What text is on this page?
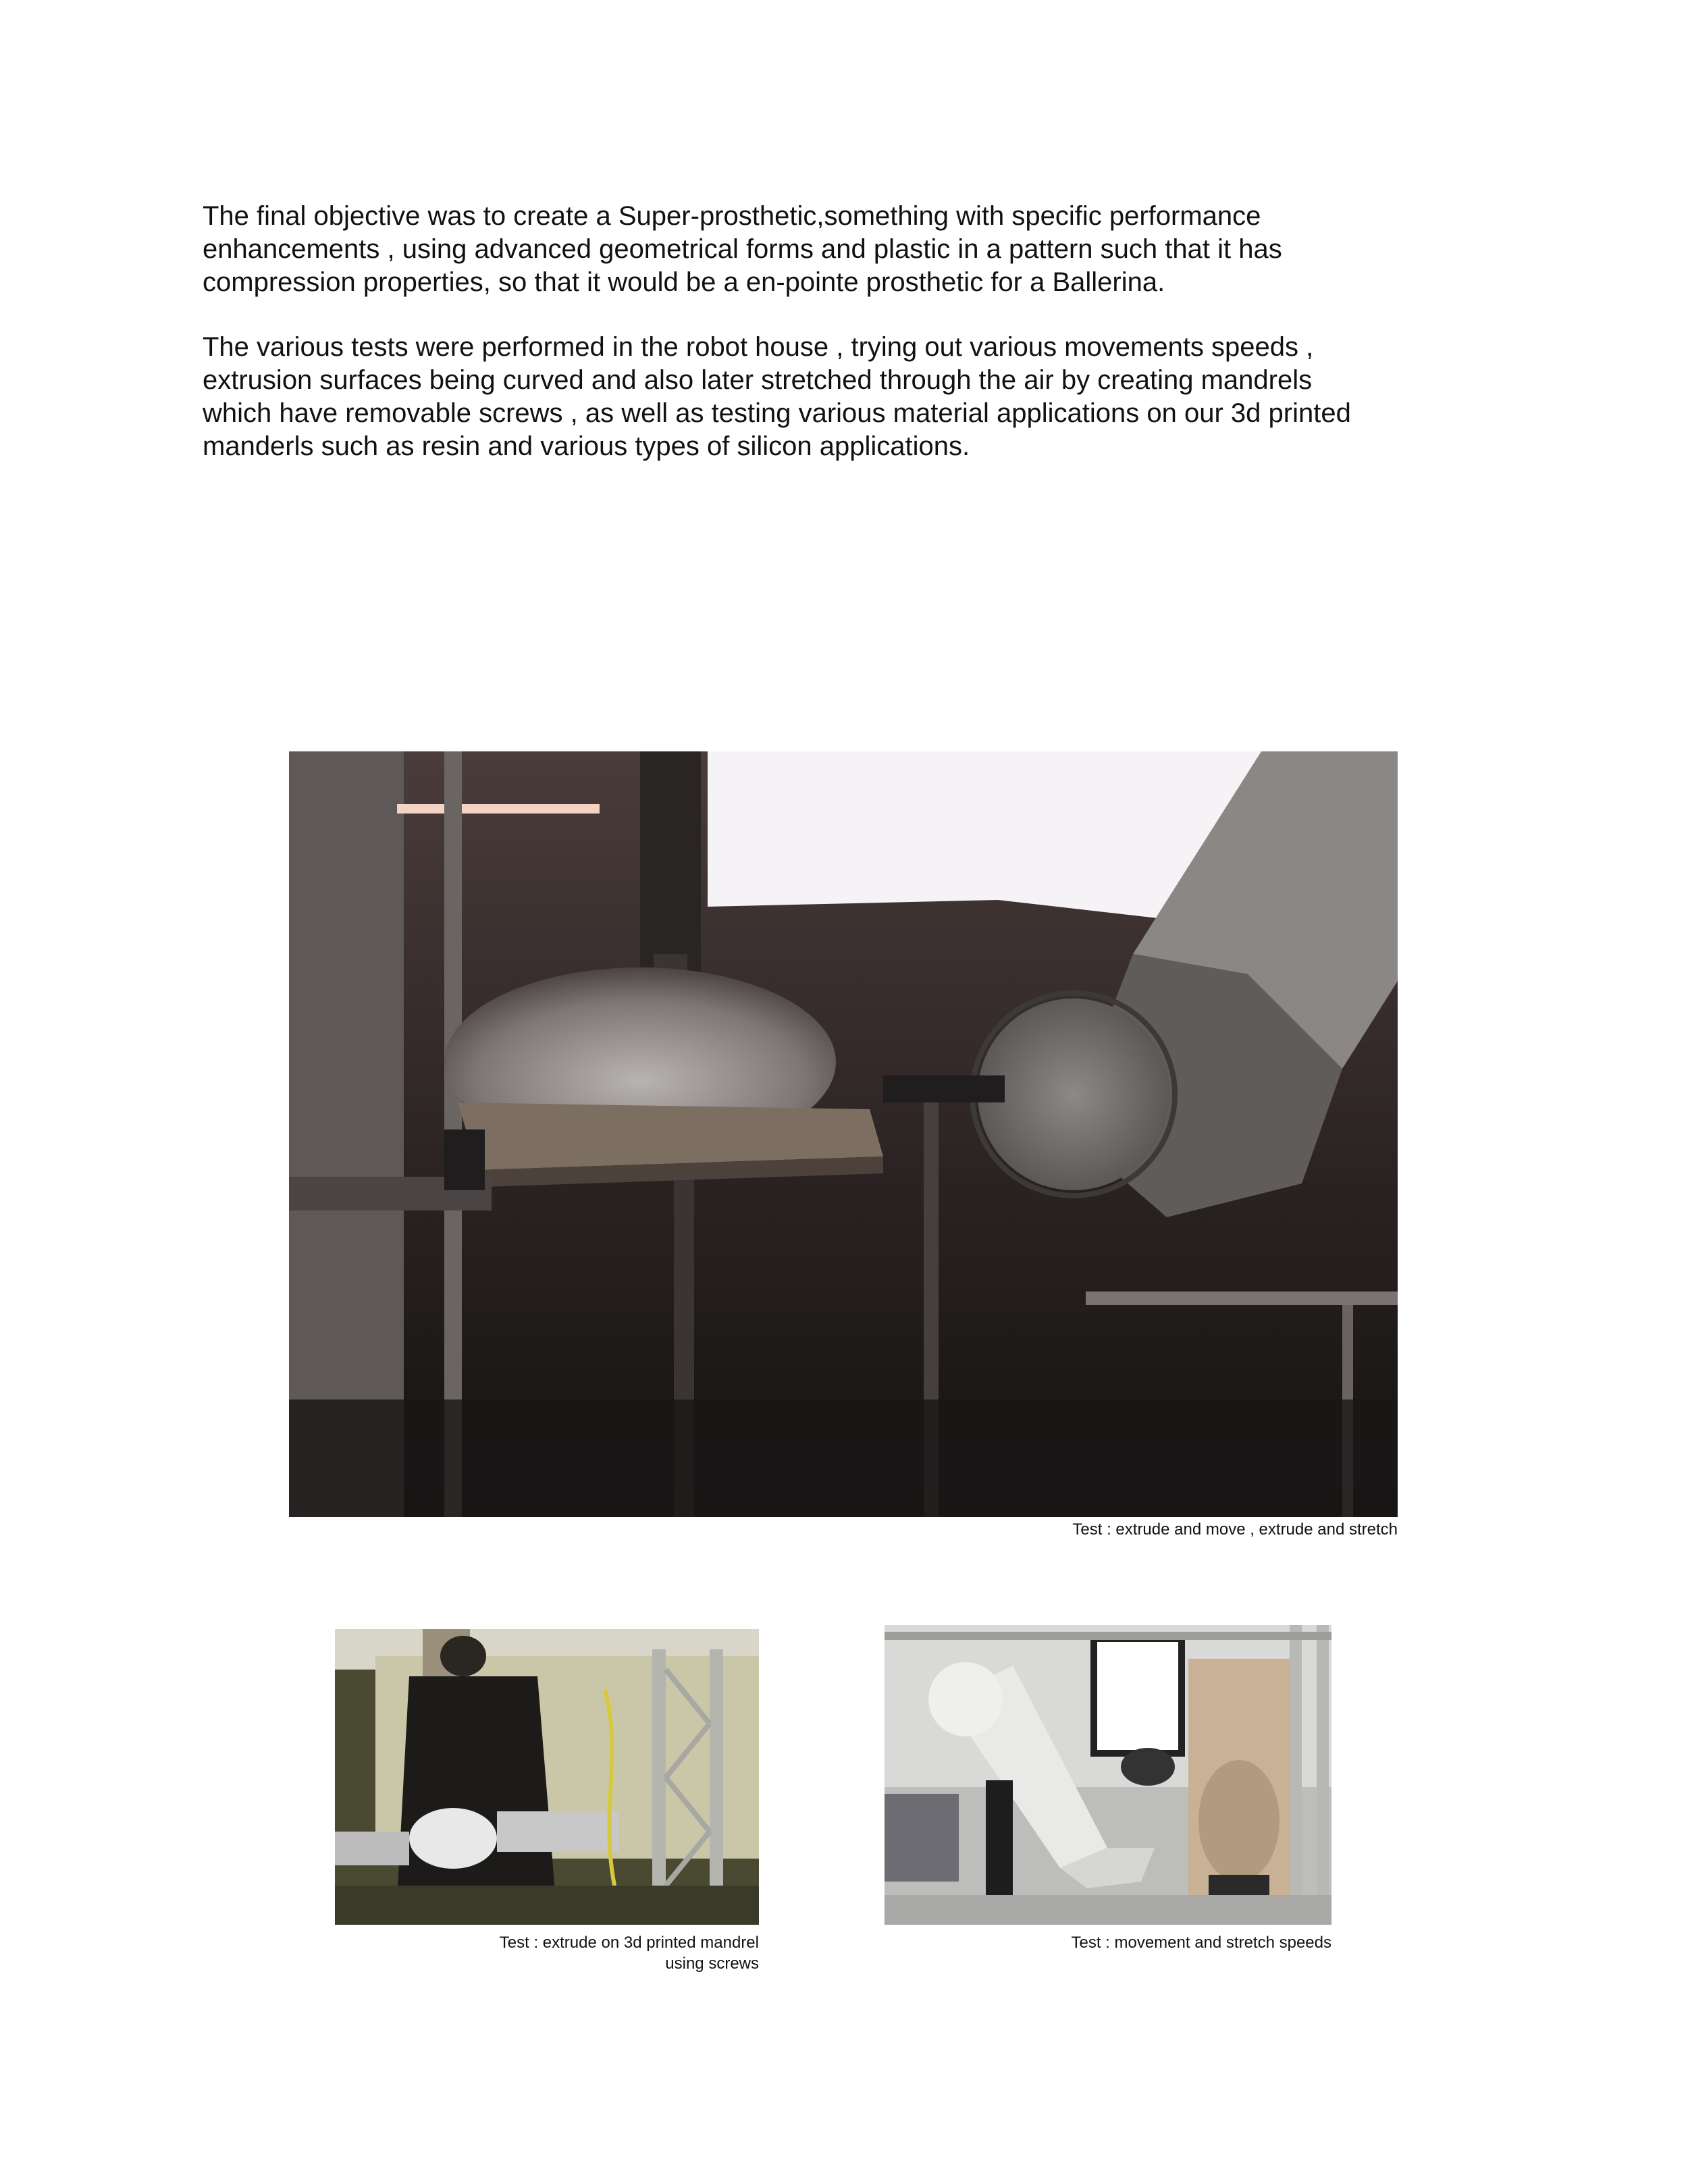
The final objective was to create a Super-prosthetic,something with specific performance enhancements , using advanced geometrical forms and plastic in a pattern such that it has compression properties, so that it would be a en-pointe prosthetic for a Ballerina.

The various tests were performed in the robot house , trying out various movements speeds , extrusion surfaces being curved and also later stretched through the air by creating mandrels which have removable screws , as well as testing various material applications on our 3d printed manderls such as resin and various types of silicon applications.

Test : extrude and move , extrude and stretch

Test : extrude on 3d printed mandrel using screws

Test : movement and stretch speeds
